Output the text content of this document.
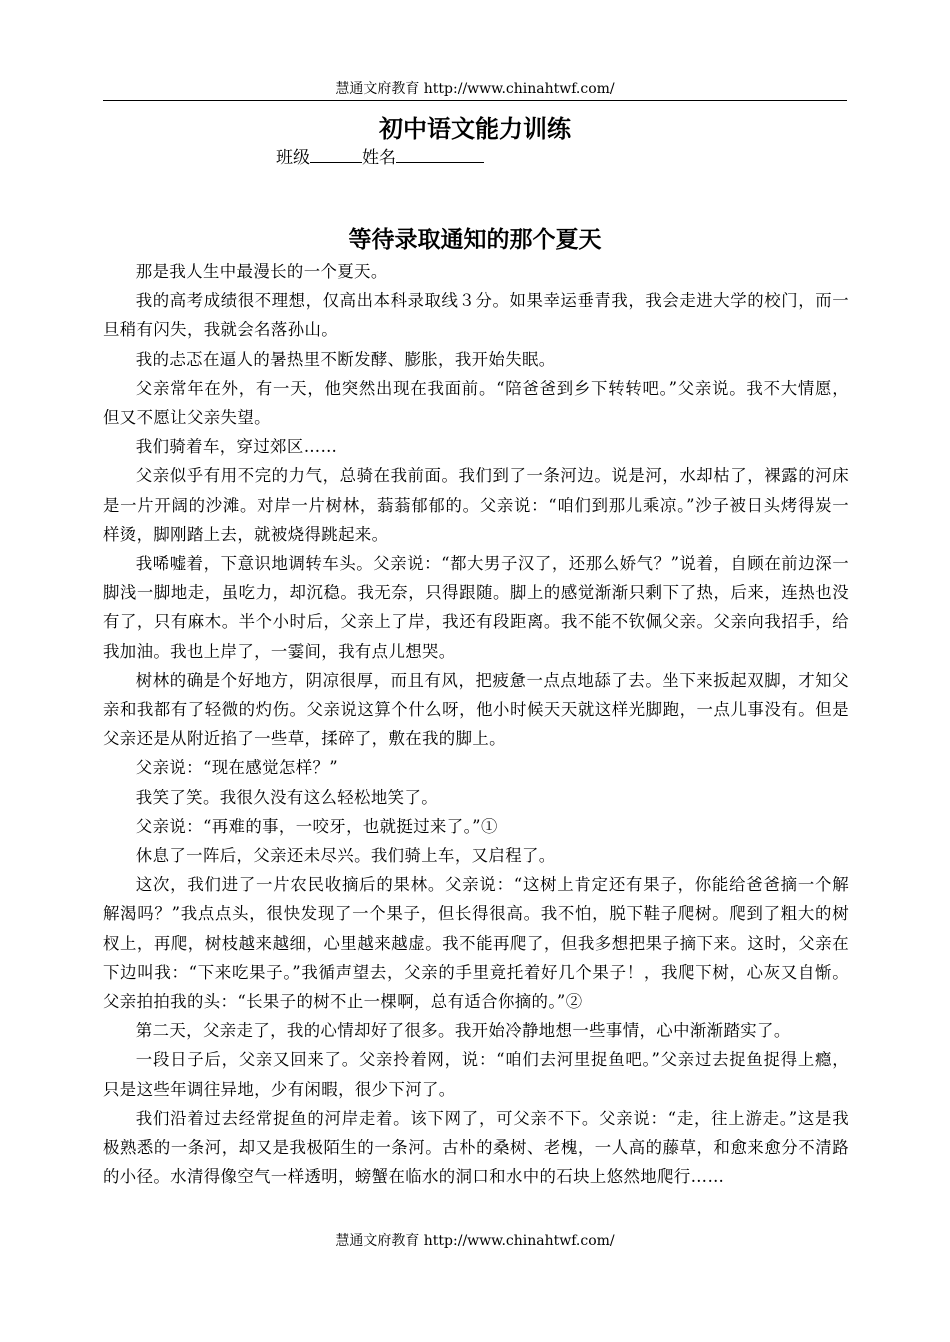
慧通文府教育 http://www.chinahtwf.com/
初中语文能力训练
班级	姓名
等待录取通知的那个夏天

那是我人生中最漫长的一个夏天。

我的高考成绩很不理想，仅高出本科录取线３分。如果幸运垂青我，我会走进大学的校门，而一旦稍有闪失，我就会名落孙山。

我的忐忑在逼人的暑热里不断发酵、膨胀，我开始失眠。

父亲常年在外，有一天，他突然出现在我面前。“陪爸爸到乡下转转吧。”父亲说。我不大情愿，但又不愿让父亲失望。

我们骑着车，穿过郊区……

父亲似乎有用不完的力气，总骑在我前面。我们到了一条河边。说是河，水却枯了，裸露的河床是一片开阔的沙滩。对岸一片树林，蓊蓊郁郁的。父亲说：“咱们到那儿乘凉。”沙子被日头烤得炭一样烫，脚刚踏上去，就被烧得跳起来。

我唏嘘着，下意识地调转车头。父亲说：“都大男子汉了，还那么娇气？”说着，自顾在前边深一脚浅一脚地走，虽吃力，却沉稳。我无奈，只得跟随。脚上的感觉渐渐只剩下了热，后来，连热也没有了，只有麻木。半个小时后，父亲上了岸，我还有段距离。我不能不钦佩父亲。父亲向我招手，给我加油。我也上岸了，一霎间，我有点儿想哭。

树林的确是个好地方，阴凉很厚，而且有风，把疲惫一点点地舔了去。坐下来扳起双脚，才知父亲和我都有了轻微的灼伤。父亲说这算个什么呀，他小时候天天就这样光脚跑，一点儿事没有。但是父亲还是从附近掐了一些草，揉碎了，敷在我的脚上。

父亲说：“现在感觉怎样？”

我笑了笑。我很久没有这么轻松地笑了。

父亲说：“再难的事，一咬牙，也就挺过来了。”①

休息了一阵后，父亲还未尽兴。我们骑上车，又启程了。

这次，我们进了一片农民收摘后的果林。父亲说：“这树上肯定还有果子，你能给爸爸摘一个解解渴吗？”我点点头，很快发现了一个果子，但长得很高。我不怕，脱下鞋子爬树。爬到了粗大的树杈上，再爬，树枝越来越细，心里越来越虚。我不能再爬了，但我多想把果子摘下来。这时，父亲在下边叫我：“下来吃果子。”我循声望去，父亲的手里竟托着好几个果子！，我爬下树，心灰又自惭。父亲拍拍我的头：“长果子的树不止一棵啊，总有适合你摘的。”②

第二天，父亲走了，我的心情却好了很多。我开始冷静地想一些事情，心中渐渐踏实了。

一段日子后，父亲又回来了。父亲拎着网，说：“咱们去河里捉鱼吧。”父亲过去捉鱼捉得上瘾，只是这些年调往异地，少有闲暇，很少下河了。

我们沿着过去经常捉鱼的河岸走着。该下网了，可父亲不下。父亲说：“走，往上游走。”这是我极熟悉的一条河，却又是我极陌生的一条河。古朴的桑树、老槐，一人高的藤草，和愈来愈分不清路的小径。水清得像空气一样透明，螃蟹在临水的洞口和水中的石块上悠然地爬行……

慧通文府教育 http://www.chinahtwf.com/
